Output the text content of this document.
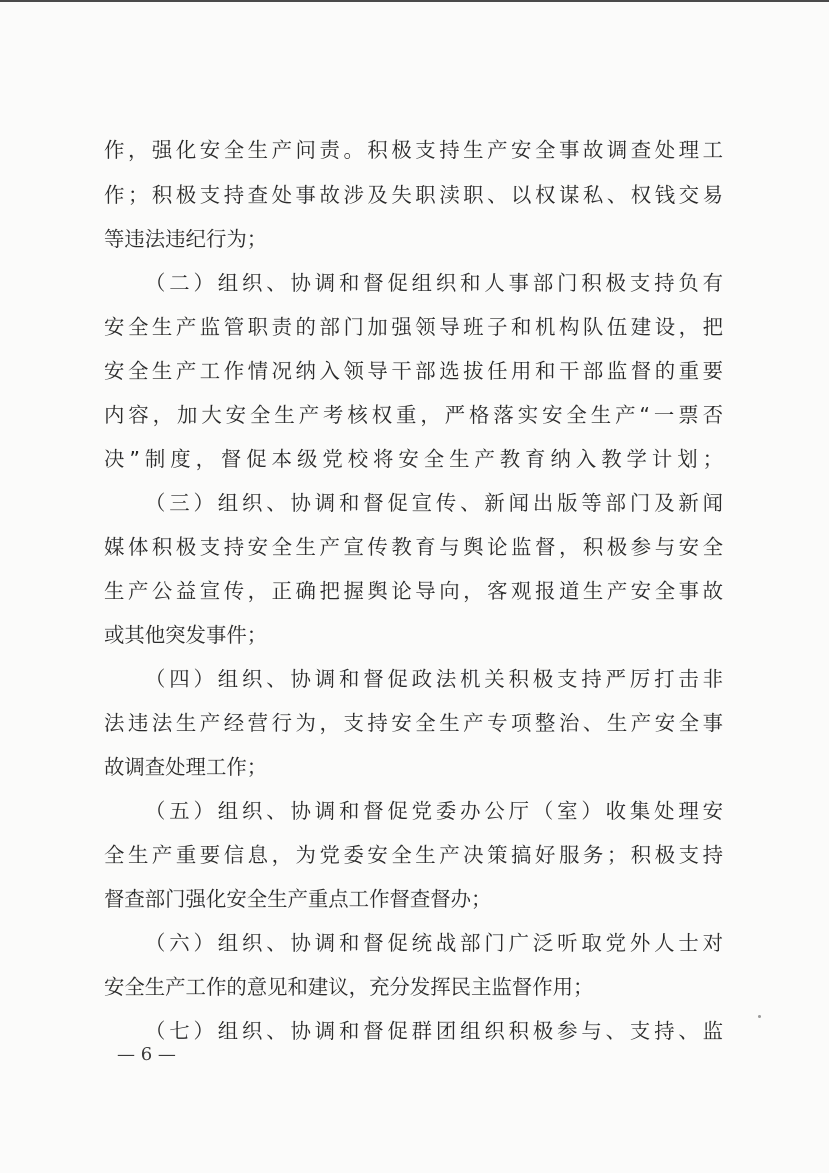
作，强化安全生产问责。积极支持生产安全事故调查处理工
作；积极支持查处事故涉及失职渎职、以权谋私、权钱交易
等违法违纪行为；
（二）组织、协调和督促组织和人事部门积极支持负有
安全生产监管职责的部门加强领导班子和机构队伍建设，把
安全生产工作情况纳入领导干部选拔任用和干部监督的重要
内容，加大安全生产考核权重，严格落实安全生产“一票否
决”制度，督促本级党校将安全生产教育纳入教学计划；
（三）组织、协调和督促宣传、新闻出版等部门及新闻
媒体积极支持安全生产宣传教育与舆论监督，积极参与安全
生产公益宣传，正确把握舆论导向，客观报道生产安全事故
或其他突发事件；
（四）组织、协调和督促政法机关积极支持严厉打击非
法违法生产经营行为，支持安全生产专项整治、生产安全事
故调查处理工作；
（五）组织、协调和督促党委办公厅（室）收集处理安
全生产重要信息，为党委安全生产决策搞好服务；积极支持
督查部门强化安全生产重点工作督查督办；
（六）组织、协调和督促统战部门广泛听取党外人士对
安全生产工作的意见和建议，充分发挥民主监督作用；
（七）组织、协调和督促群团组织积极参与、支持、监
— 6 —
